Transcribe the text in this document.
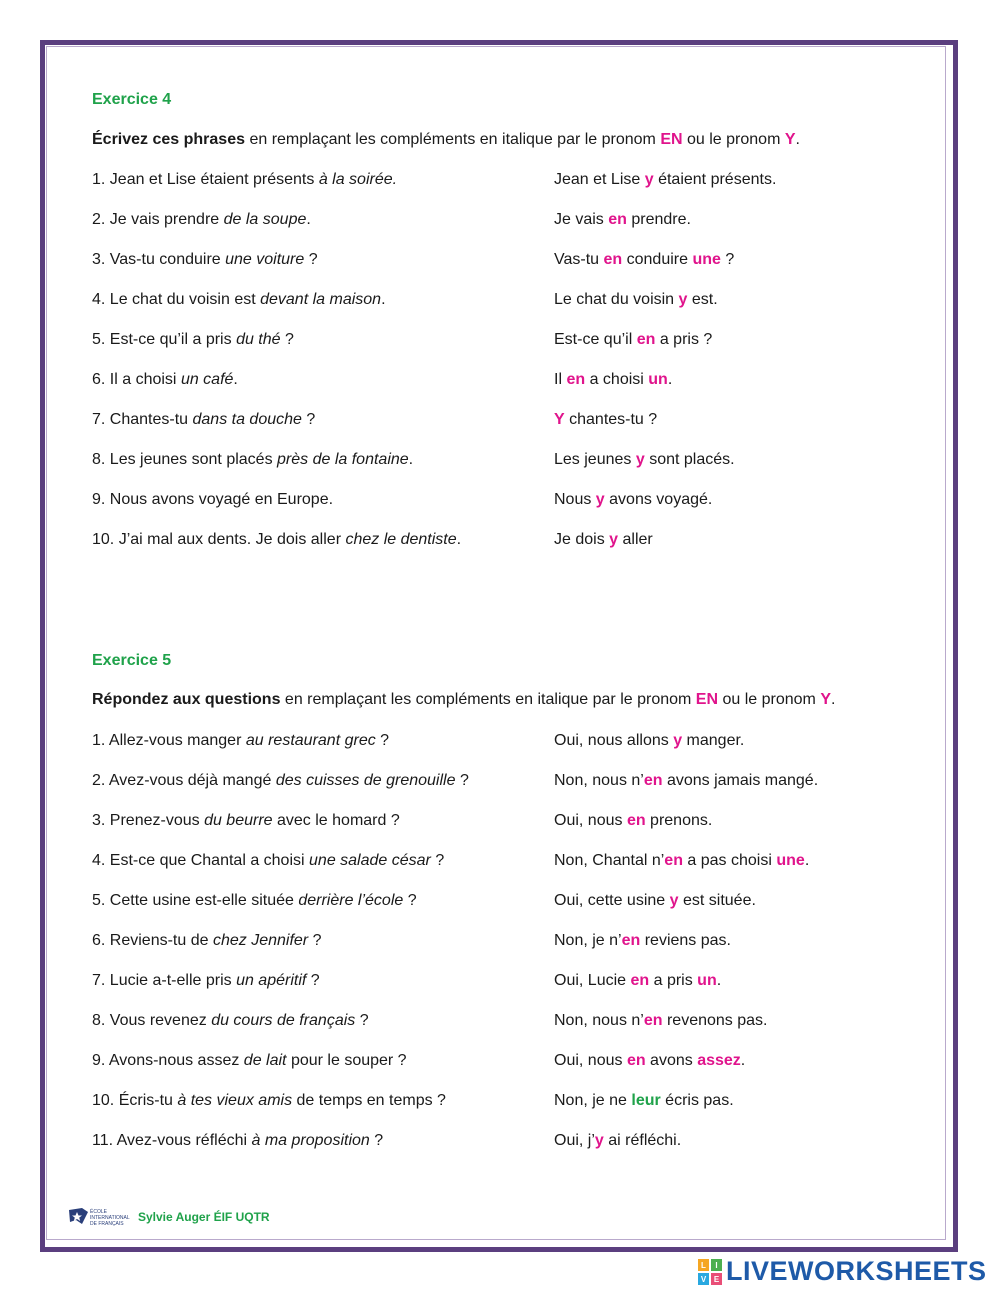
Exercice 4
Écrivez ces phrases en remplaçant les compléments en italique par le pronom EN ou le pronom Y.
1. Jean et Lise étaient présents à la soirée.	Jean et Lise y étaient présents.
2. Je vais prendre de la soupe.	Je vais en prendre.
3. Vas-tu conduire une voiture ?	Vas-tu en conduire une ?
4. Le chat du voisin est devant la maison.	Le chat du voisin y est.
5. Est-ce qu’il a pris du thé ?	Est-ce qu’il en a pris ?
6. Il a choisi un café.	Il en a choisi un.
7. Chantes-tu dans ta douche ?	Y chantes-tu ?
8. Les jeunes sont placés près de la fontaine.	Les jeunes y sont placés.
9. Nous avons voyagé en Europe.	Nous y avons voyagé.
10. J’ai mal aux dents. Je dois aller chez le dentiste.	Je dois y aller
Exercice 5
Répondez aux questions en remplaçant les compléments en italique par le pronom EN ou le pronom Y.
1. Allez-vous manger au restaurant grec ?	Oui, nous allons y manger.
2. Avez-vous déjà mangé des cuisses de grenouille ?	Non, nous n’en avons jamais mangé.
3. Prenez-vous du beurre avec le homard ?	Oui, nous en prenons.
4. Est-ce que Chantal a choisi une salade césar ?	Non, Chantal n’en a pas choisi une.
5. Cette usine est-elle située derrière l’école ?	Oui, cette usine y est située.
6. Reviens-tu de chez Jennifer ?	Non, je n’en reviens pas.
7. Lucie a-t-elle pris un apéritif ?	Oui, Lucie en a pris un.
8. Vous revenez du cours de français ?	Non, nous n’en revenons pas.
9. Avons-nous assez de lait pour le souper ?	Oui, nous en avons assez.
10. Écris-tu à tes vieux amis de temps en temps ?	Non, je ne leur écris pas.
11. Avez-vous réfléchi à ma proposition ?	Oui, j’y ai réfléchi.
ÉCOLE
INTERNATIONALE
DE FRANÇAIS Sylvie Auger ÉIF UQTR
L I
V E LIVEWORKSHEETS
